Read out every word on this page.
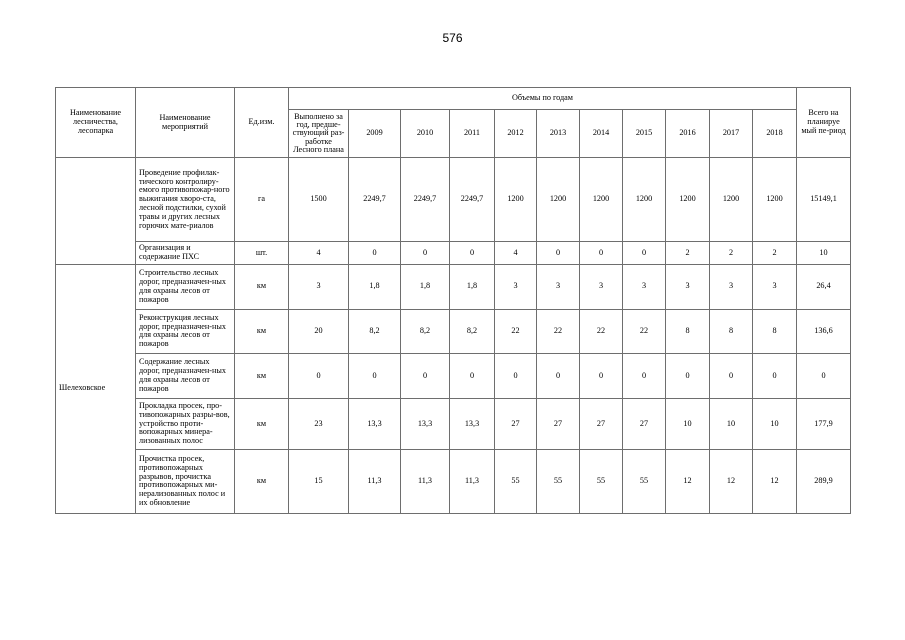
576
Наименование лесничества, лесопарка	Наименование мероприятий	Ед.изм.	Объемы по годам											Всего на планируе мый пе-риод
			Выполнено за год, предше-ствующий раз-работке Лесного плана	2009	2010	2011	2012	2013	2014	2015	2016	2017	2018	
	Проведение профилак-тического контролиру-емого противопожар-ного выжигания хворо-ста, лесной подстилки, сухой травы и других лесных горючих мате-риалов	га	1500	2249,7	2249,7	2249,7	1200	1200	1200	1200	1200	1200	1200	15149,1
	Организация и содержание ПХС	шт.	4	0	0	0	4	0	0	0	2	2	2	10
Шелеховское	Строительство лесных дорог, предназначен-ных для охраны лесов от пожаров	км	3	1,8	1,8	1,8	3	3	3	3	3	3	3	26,4
	Реконструкция лесных дорог, предназначен-ных для охраны лесов от пожаров	км	20	8,2	8,2	8,2	22	22	22	22	8	8	8	136,6
	Содержание лесных дорог, предназначен-ных для охраны лесов от пожаров	км	0	0	0	0	0	0	0	0	0	0	0	0
	Прокладка просек, про-тивопожарных разры-вов, устройство проти-вопожарных минера-лизованных полос	км	23	13,3	13,3	13,3	27	27	27	27	10	10	10	177,9
	Прочистка просек, противопожарных разрывов, прочистка противопожарных ми-нерализованных полос и их обновление	км	15	11,3	11,3	11,3	55	55	55	55	12	12	12	289,9
